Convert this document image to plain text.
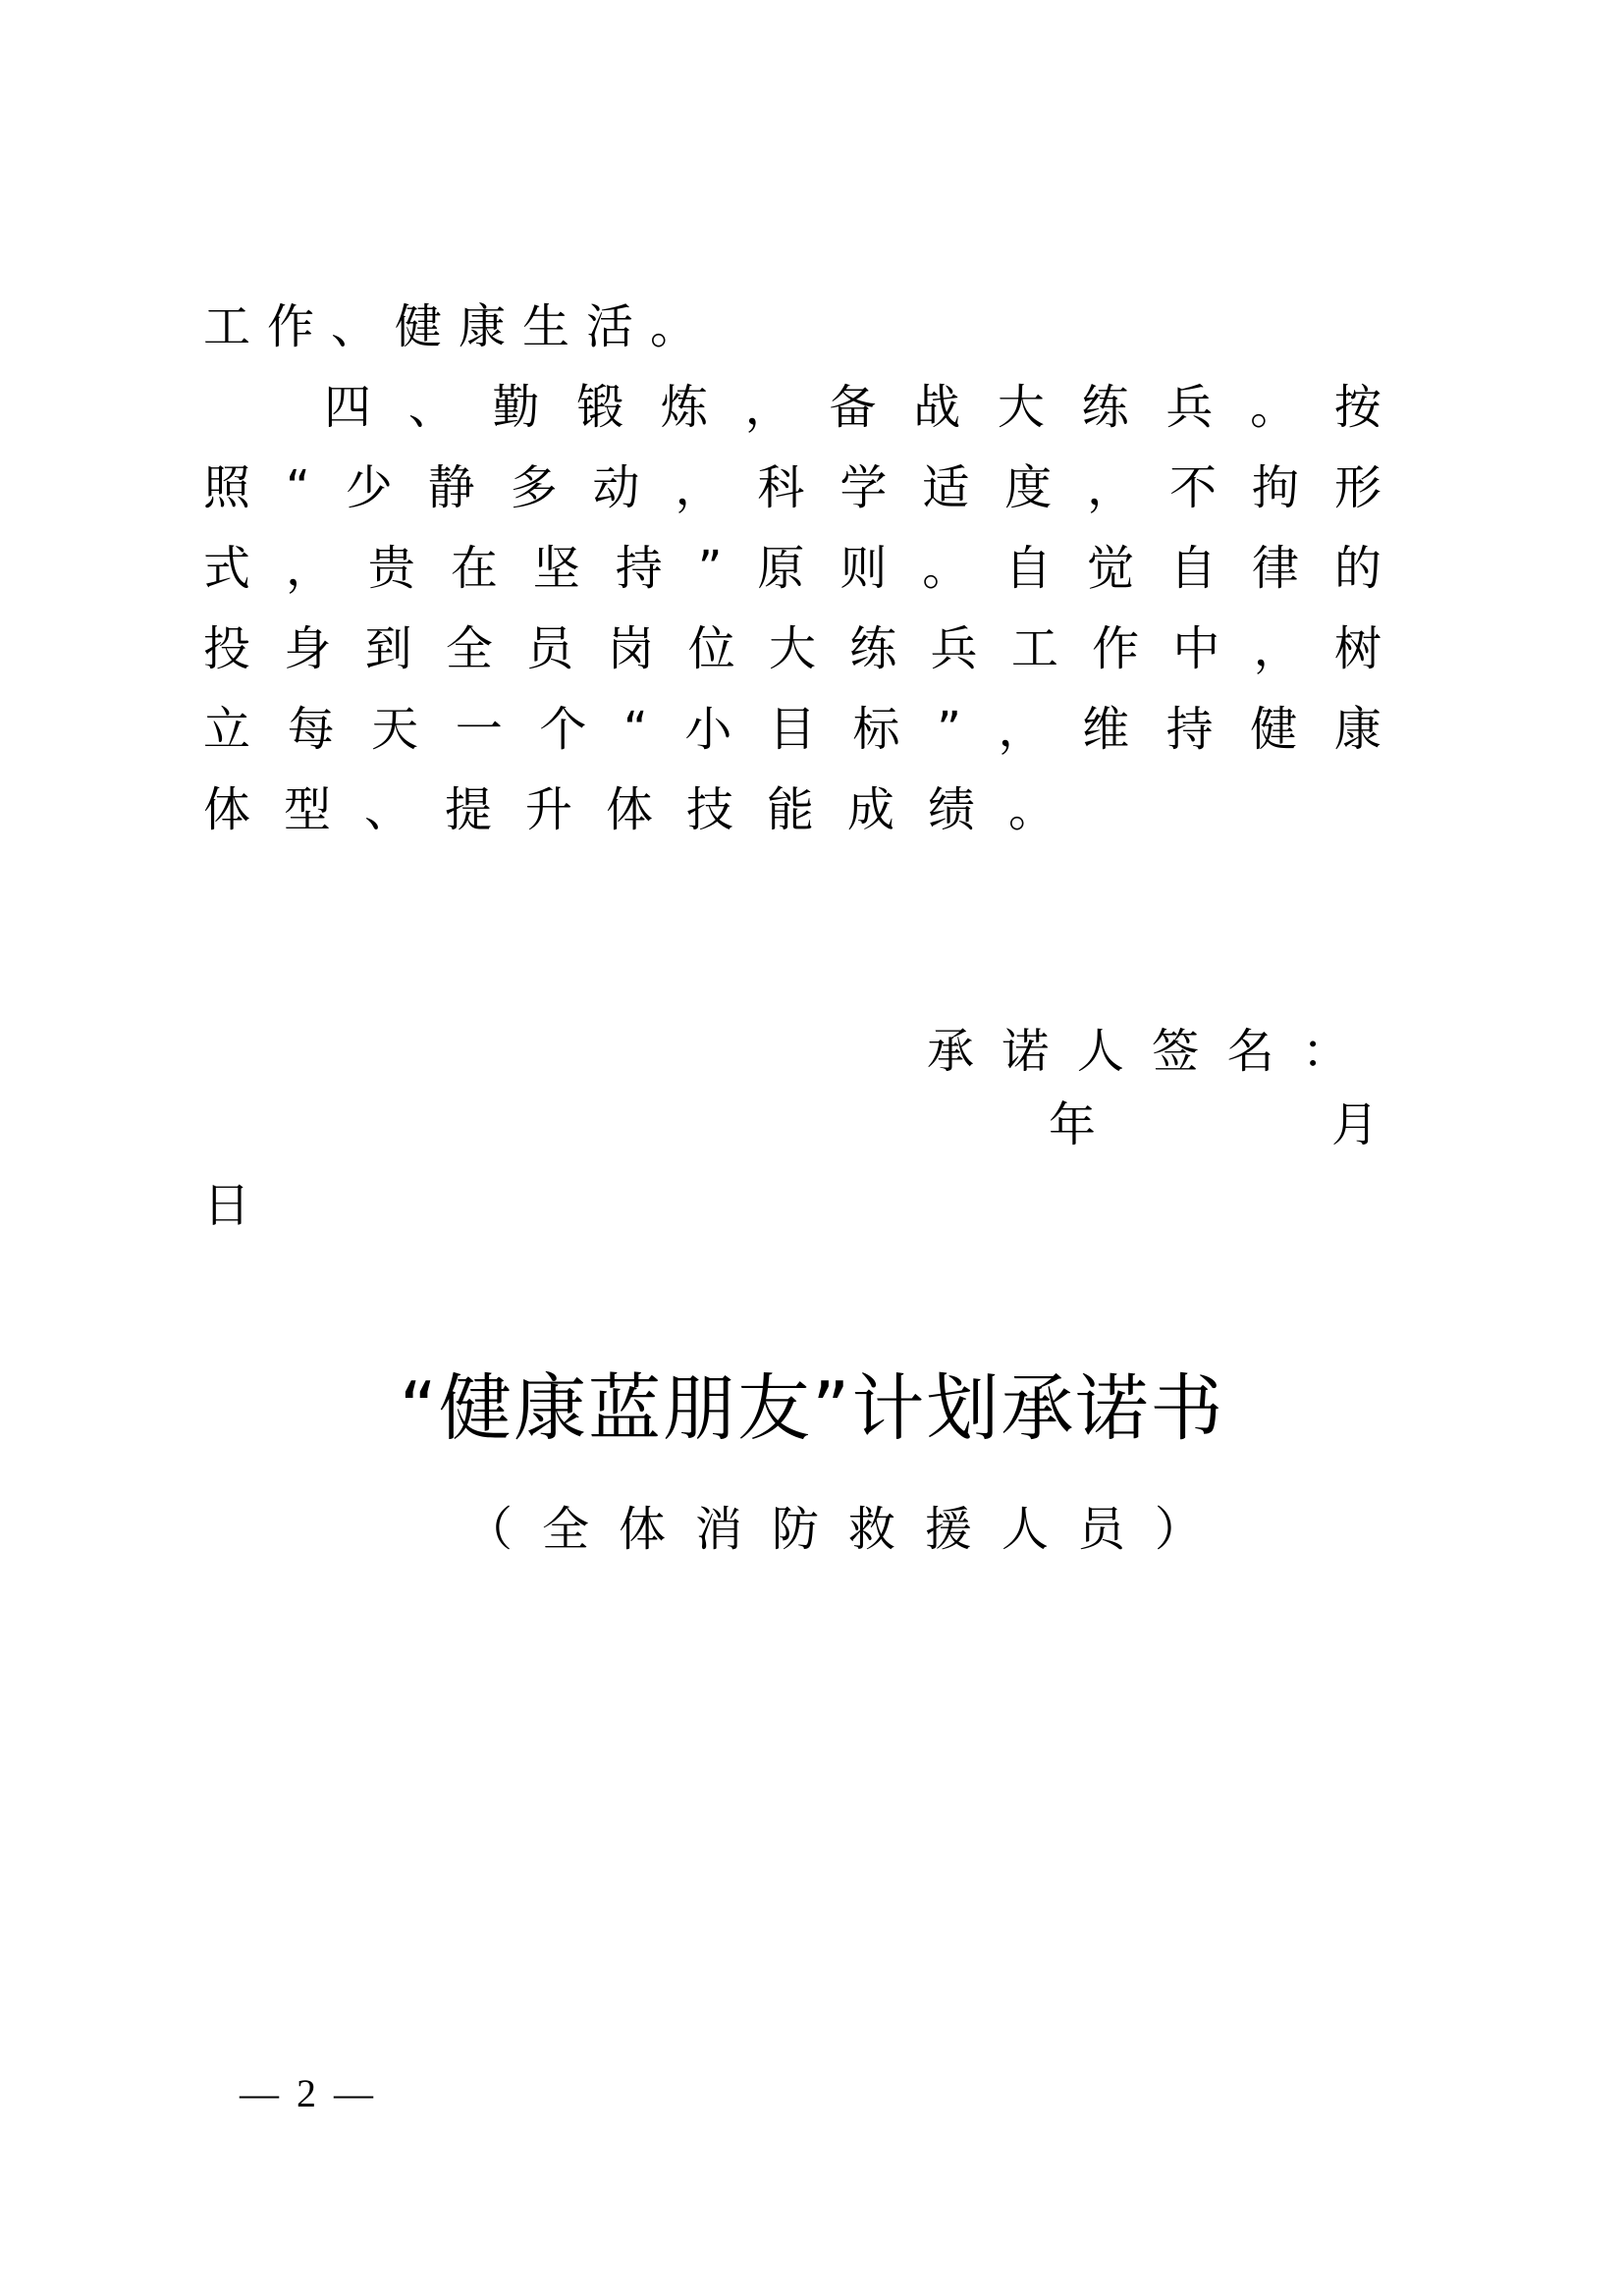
工 作 、 健 康 生 活 。
四 、 勤 锻 炼 ， 备 战 大 练 兵 。 按
照 “ 少 静 多 动 ， 科 学 适 度 ， 不 拘 形
式 ， 贵 在 坚 持 ” 原 则 。 自 觉 自 律 的
投 身 到 全 员 岗 位 大 练 兵 工 作 中 ， 树
立 每 天 一 个 “ 小 目 标 ” ， 维 持 健 康
体 型 、 提 升 体 技 能 成 绩 。
承 诺 人 签 名 ：
年	月
日
“健康蓝朋友”计划承诺书
（ 全 体 消 防 救 援 人 员 ）
— 2 —
